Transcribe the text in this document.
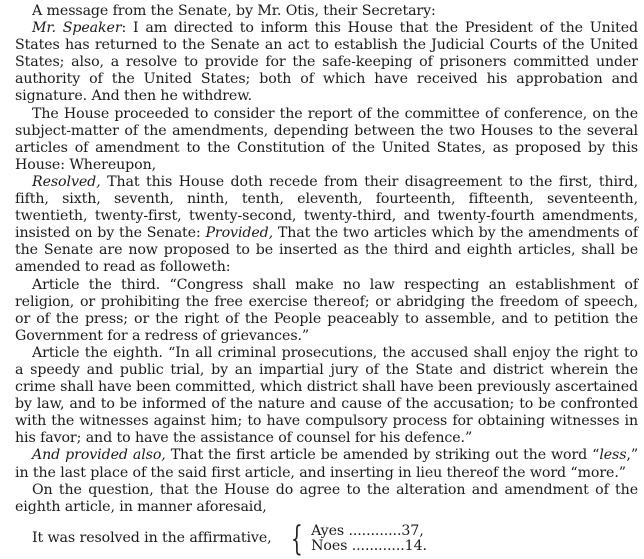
A message from the Senate, by Mr. Otis, their Secretary:

Mr. Speaker: I am directed to inform this House that the President of the United States has returned to the Senate an act to establish the Judicial Courts of the United States; also, a resolve to provide for the safe-keeping of prisoners committed under authority of the United States; both of which have received his approbation and signature. And then he withdrew.

The House proceeded to consider the report of the committee of conference, on the subject-matter of the amendments, depending between the two Houses to the several articles of amendment to the Constitution of the United States, as proposed by this House: Whereupon,

Resolved, That this House doth recede from their disagreement to the first, third, fifth, sixth, seventh, ninth, tenth, eleventh, fourteenth, fifteenth, seventeenth, twentieth, twenty-first, twenty-second, twenty-third, and twenty-fourth amendments, insisted on by the Senate: Provided, That the two articles which by the amendments of the Senate are now proposed to be inserted as the third and eighth articles, shall be amended to read as followeth:

Article the third. “Congress shall make no law respecting an establishment of religion, or prohibiting the free exercise thereof; or abridging the freedom of speech, or of the press; or the right of the People peaceably to assemble, and to petition the Government for a redress of grievances.”

Article the eighth. “In all criminal prosecutions, the accused shall enjoy the right to a speedy and public trial, by an impartial jury of the State and district wherein the crime shall have been committed, which district shall have been previously ascertained by law, and to be informed of the nature and cause of the accusation; to be confronted with the witnesses against him; to have compulsory process for obtaining witnesses in his favor; and to have the assistance of counsel for his defence.”

And provided also, That the first article be amended by striking out the word “less,” in the last place of the said first article, and inserting in lieu thereof the word “more.”

On the question, that the House do agree to the alteration and amendment of the eighth article, in manner aforesaid,

It was resolved in the affirmative, { Ayes ............37,
Noes ............14.
